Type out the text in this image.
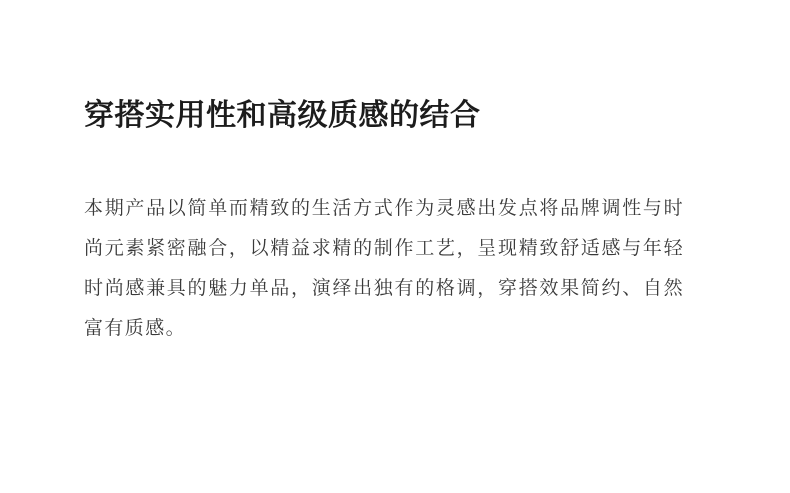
穿搭实用性和高级质感的结合

本期产品以简单而精致的生活方式作为灵感出发点将品牌调性与时尚元素紧密融合，以精益求精的制作工艺，呈现精致舒适感与年轻时尚感兼具的魅力单品，演绎出独有的格调，穿搭效果简约、自然富有质感。
